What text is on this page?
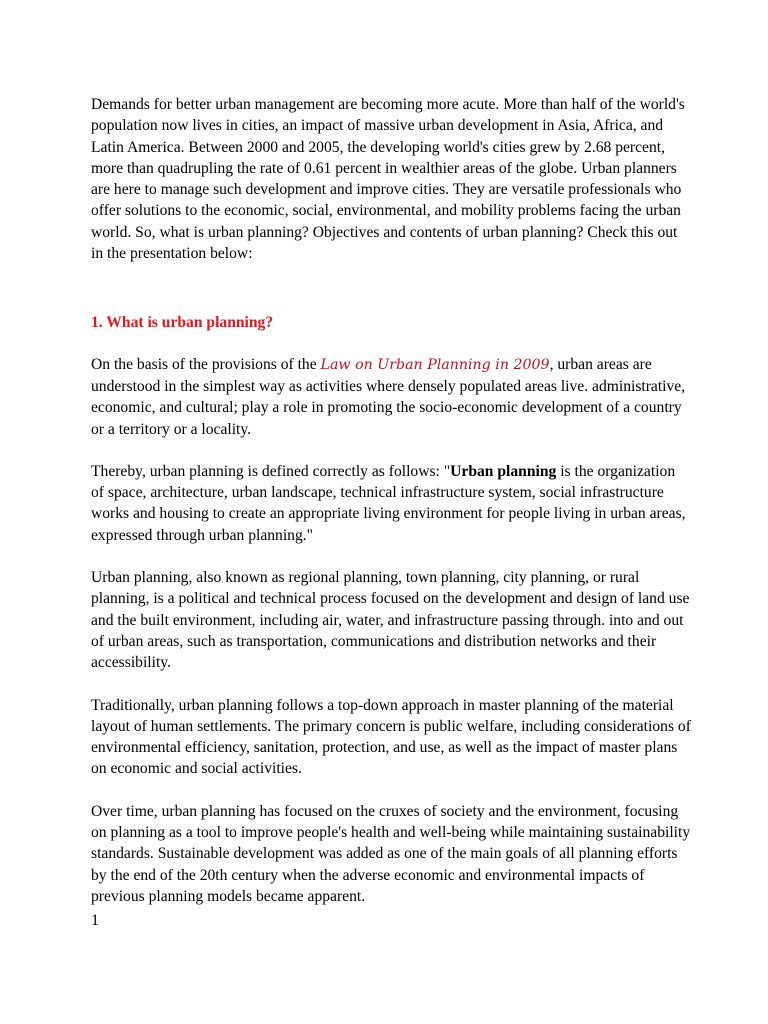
Demands for better urban management are becoming more acute. More than half of the world's population now lives in cities, an impact of massive urban development in Asia, Africa, and Latin America. Between 2000 and 2005, the developing world's cities grew by 2.68 percent, more than quadrupling the rate of 0.61 percent in wealthier areas of the globe. Urban planners are here to manage such development and improve cities. They are versatile professionals who offer solutions to the economic, social, environmental, and mobility problems facing the urban world. So, what is urban planning? Objectives and contents of urban planning? Check this out in the presentation below:

1. What is urban planning?

On the basis of the provisions of the Law on Urban Planning in 2009, urban areas are understood in the simplest way as activities where densely populated areas live. administrative, economic, and cultural; play a role in promoting the socio-economic development of a country or a territory or a locality.

Thereby, urban planning is defined correctly as follows: "Urban planning is the organization of space, architecture, urban landscape, technical infrastructure system, social infrastructure works and housing to create an appropriate living environment for people living in urban areas, expressed through urban planning."

Urban planning, also known as regional planning, town planning, city planning, or rural planning, is a political and technical process focused on the development and design of land use and the built environment, including air, water, and infrastructure passing through. into and out of urban areas, such as transportation, communications and distribution networks and their accessibility.

Traditionally, urban planning follows a top-down approach in master planning of the material layout of human settlements. The primary concern is public welfare, including considerations of environmental efficiency, sanitation, protection, and use, as well as the impact of master plans on economic and social activities.

Over time, urban planning has focused on the cruxes of society and the environment, focusing on planning as a tool to improve people's health and well-being while maintaining sustainability standards. Sustainable development was added as one of the main goals of all planning efforts by the end of the 20th century when the adverse economic and environmental impacts of previous planning models became apparent.

1
